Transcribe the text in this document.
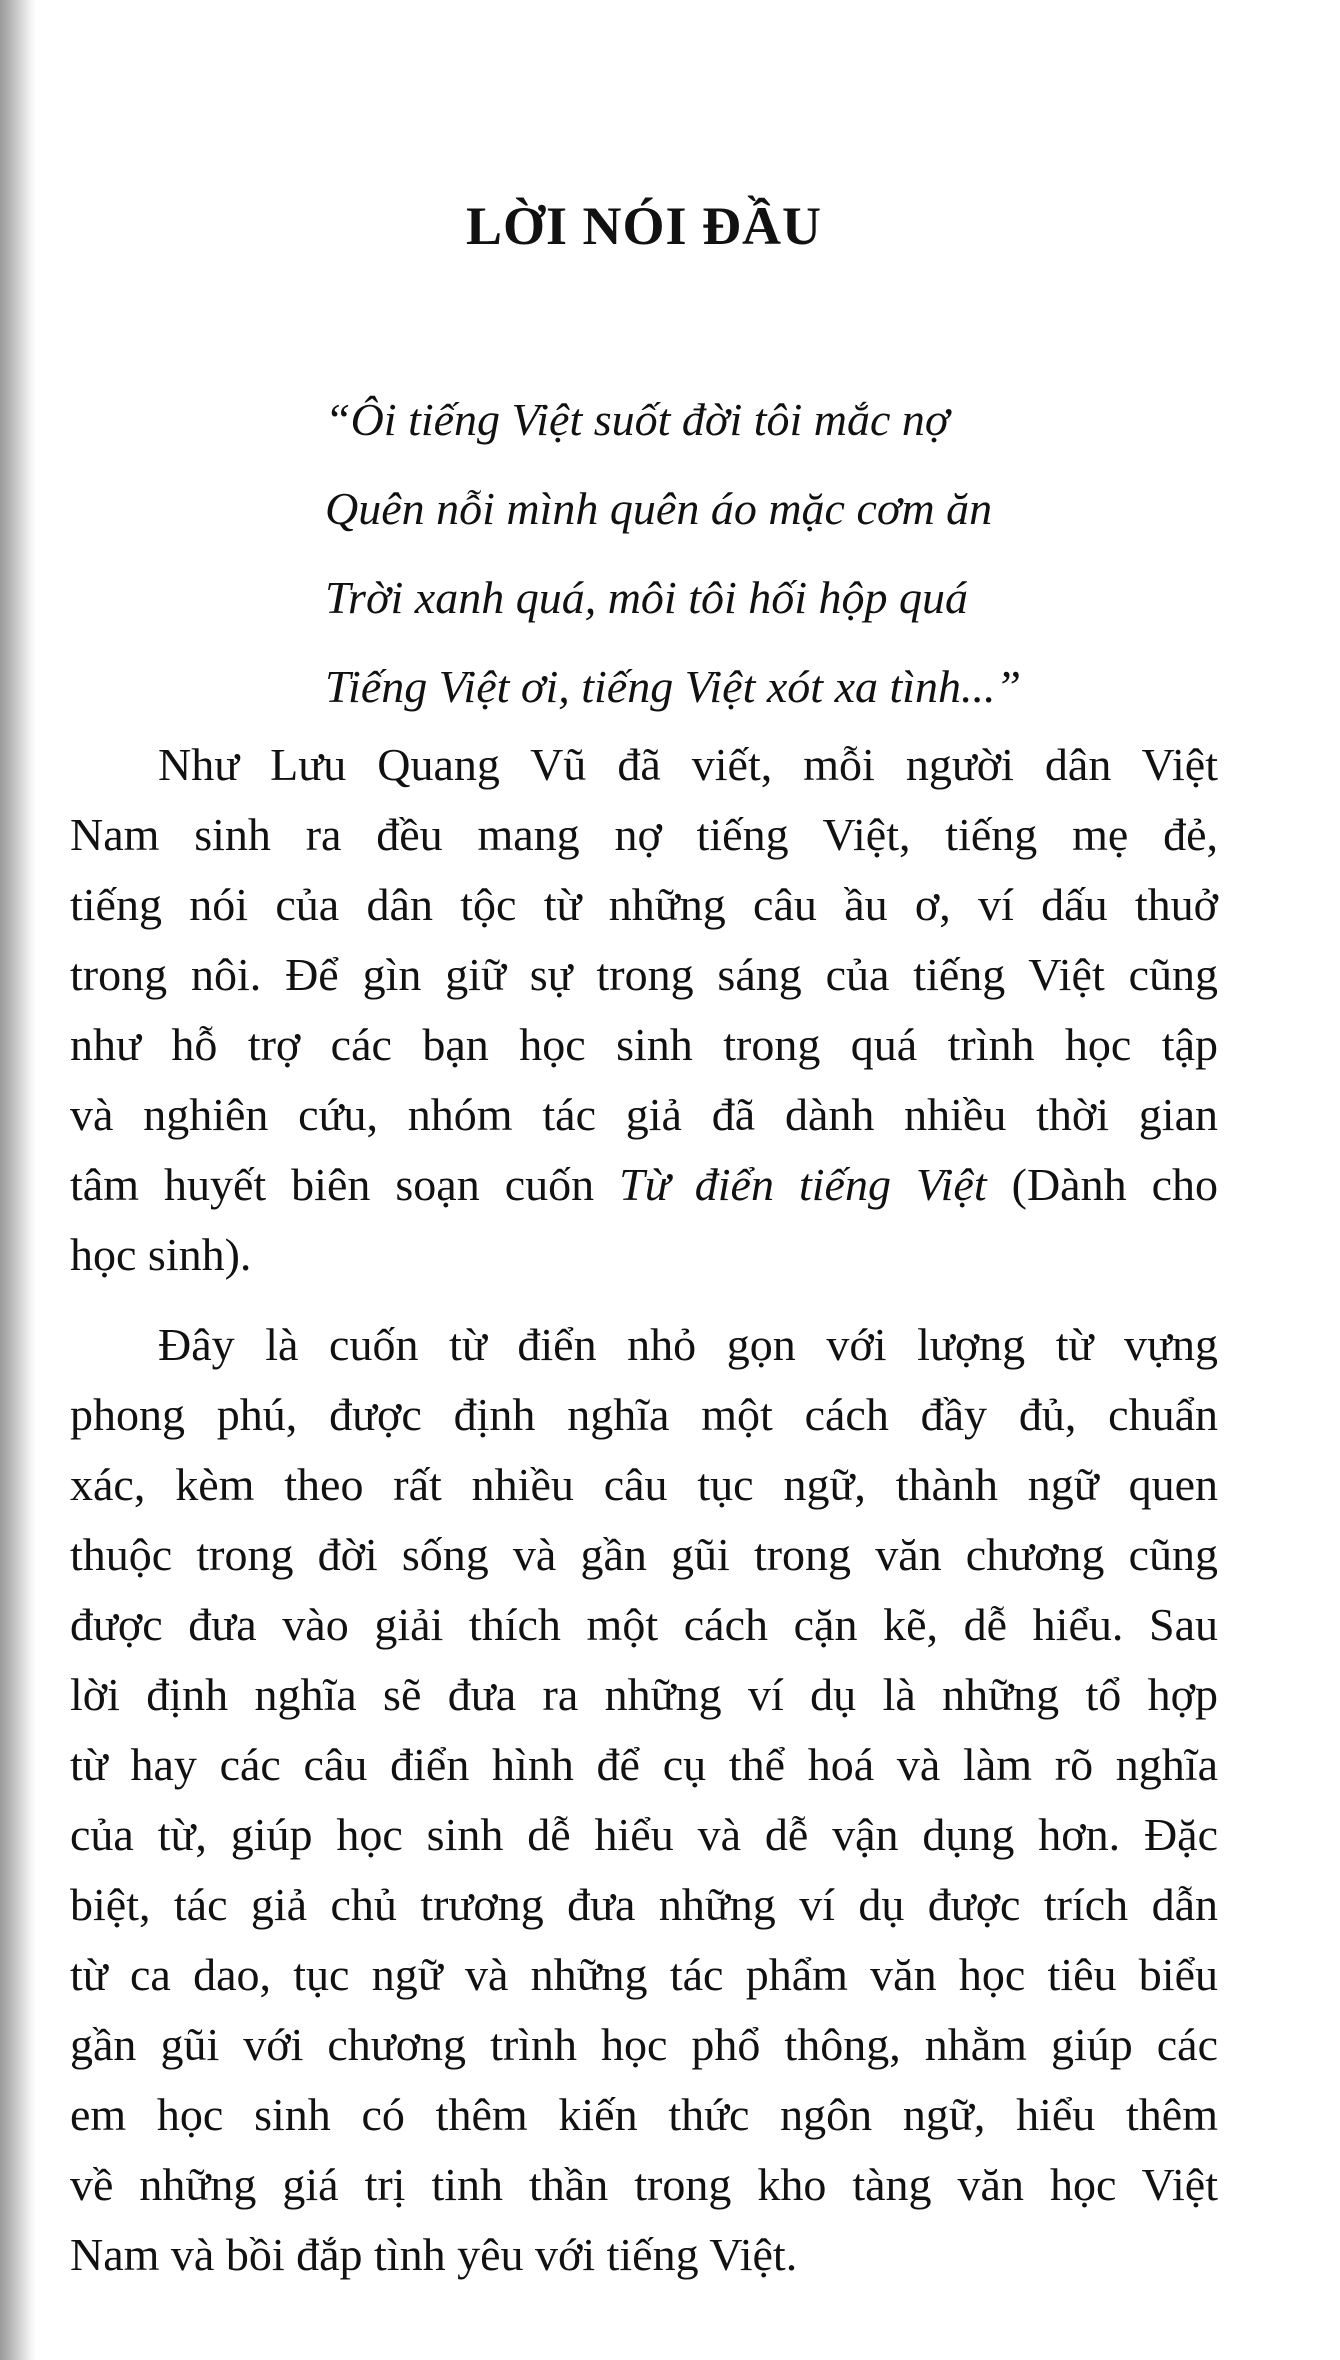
LỜI NÓI ĐẦU
“Ôi tiếng Việt suốt đời tôi mắc nợ
Quên nỗi mình quên áo mặc cơm ăn
Trời xanh quá, môi tôi hối hộp quá
Tiếng Việt ơi, tiếng Việt xót xa tình...”

Như Lưu Quang Vũ đã viết, mỗi người dân Việt
Nam sinh ra đều mang nợ tiếng Việt, tiếng mẹ đẻ,
tiếng nói của dân tộc từ những câu ầu ơ, ví dấu thuở
trong nôi. Để gìn giữ sự trong sáng của tiếng Việt cũng
như hỗ trợ các bạn học sinh trong quá trình học tập
và nghiên cứu, nhóm tác giả đã dành nhiều thời gian
tâm huyết biên soạn cuốn Từ điển tiếng Việt (Dành cho
học sinh).

Đây là cuốn từ điển nhỏ gọn với lượng từ vựng
phong phú, được định nghĩa một cách đầy đủ, chuẩn
xác, kèm theo rất nhiều câu tục ngữ, thành ngữ quen
thuộc trong đời sống và gần gũi trong văn chương cũng
được đưa vào giải thích một cách cặn kẽ, dễ hiểu. Sau
lời định nghĩa sẽ đưa ra những ví dụ là những tổ hợp
từ hay các câu điển hình để cụ thể hoá và làm rõ nghĩa
của từ, giúp học sinh dễ hiểu và dễ vận dụng hơn. Đặc
biệt, tác giả chủ trương đưa những ví dụ được trích dẫn
từ ca dao, tục ngữ và những tác phẩm văn học tiêu biểu
gần gũi với chương trình học phổ thông, nhằm giúp các
em học sinh có thêm kiến thức ngôn ngữ, hiểu thêm
về những giá trị tinh thần trong kho tàng văn học Việt
Nam và bồi đắp tình yêu với tiếng Việt.
